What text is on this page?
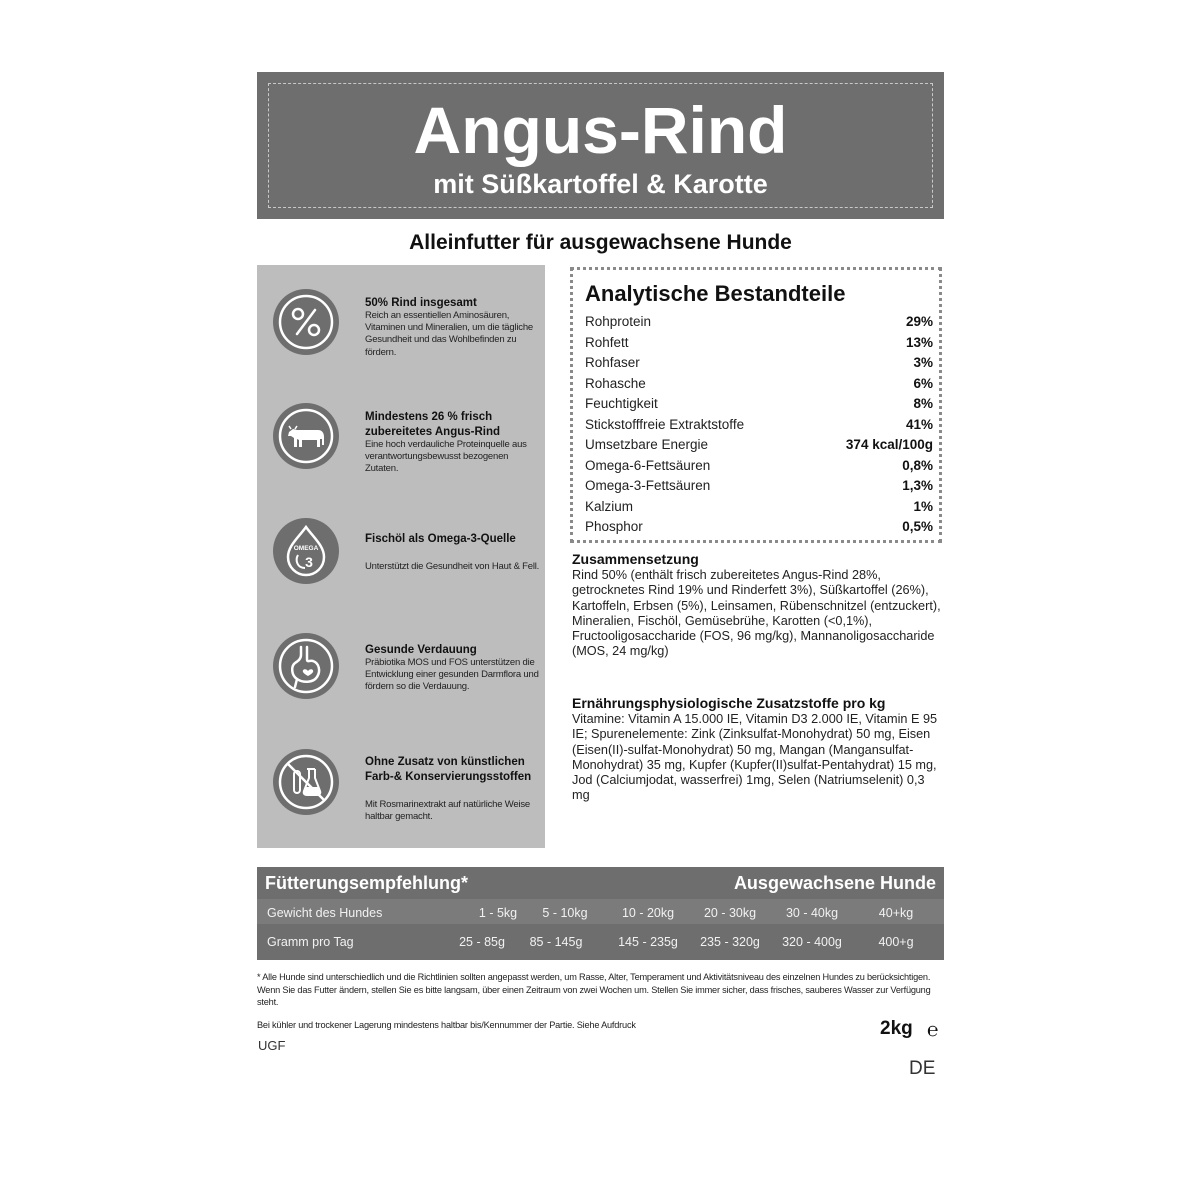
Angus-Rind
mit Süßkartoffel & Karotte
Alleinfutter für ausgewachsene Hunde
50% Rind insgesamt
Reich an essentiellen Aminosäuren, Vitaminen und Mineralien, um die tägliche Gesundheit und das Wohlbefinden zu fördern.
Mindestens 26 % frisch zubereitetes Angus-Rind
Eine hoch verdauliche Proteinquelle aus verantwortungsbewusst bezogenen Zutaten.
OMEGA
3
Fischöl als Omega-3-Quelle
Unterstützt die Gesundheit von Haut & Fell.
Gesunde Verdauung
Präbiotika MOS und FOS unterstützen die Entwicklung einer gesunden Darmflora und fördern so die Verdauung.
Ohne Zusatz von künstlichen Farb-& Konservierungsstoffen
Mit Rosmarinextrakt auf natürliche Weise haltbar gemacht.
Analytische Bestandteile
Rohprotein	29%
Rohfett	13%
Rohfaser	3%
Rohasche	6%
Feuchtigkeit	8%
Stickstofffreie Extraktstoffe	41%
Umsetzbare Energie	374 kcal/100g
Omega-6-Fettsäuren	0,8%
Omega-3-Fettsäuren	1,3%
Kalzium	1%
Phosphor	0,5%
Zusammensetzung
Rind 50% (enthält frisch zubereitetes Angus-Rind 28%, getrocknetes Rind 19% und Rinderfett 3%), Süßkartoffel (26%), Kartoffeln, Erbsen (5%), Leinsamen, Rübenschnitzel (entzuckert), Mineralien, Fischöl, Gemüsebrühe, Karotten (<0,1%), Fructooligosaccharide (FOS, 96 mg/kg), Mannanoligosaccharide (MOS, 24 mg/kg)
Ernährungsphysiologische Zusatzstoffe pro kg
Vitamine: Vitamin A 15.000 IE, Vitamin D3 2.000 IE, Vitamin E 95 IE; Spurenelemente: Zink (Zinksulfat-Monohydrat) 50 mg, Eisen (Eisen(II)-sulfat-Monohydrat) 50 mg, Mangan (Mangansulfat-Monohydrat) 35 mg, Kupfer (Kupfer(II)sulfat-Pentahydrat) 15 mg, Jod (Calciumjodat, wasserfrei) 1mg, Selen (Natriumselenit) 0,3 mg
Fütterungsempfehlung*	Ausgewachsene Hunde
Gewicht des Hundes	1 - 5kg	5 - 10kg	10 - 20kg	20 - 30kg	30 - 40kg	40+kg
Gramm pro Tag	25 - 85g	85 - 145g	145 - 235g	235 - 320g	320 - 400g	400+g
* Alle Hunde sind unterschiedlich und die Richtlinien sollten angepasst werden, um Rasse, Alter, Temperament und Aktivitätsniveau des einzelnen Hundes zu berücksichtigen. Wenn Sie das Futter ändern, stellen Sie es bitte langsam, über einen Zeitraum von zwei Wochen um. Stellen Sie immer sicher, dass frisches, sauberes Wasser zur Verfügung steht.
Bei kühler und trockener Lagerung mindestens haltbar bis/Kennummer der Partie. Siehe Aufdruck	2kg ℮
UGF
DE
